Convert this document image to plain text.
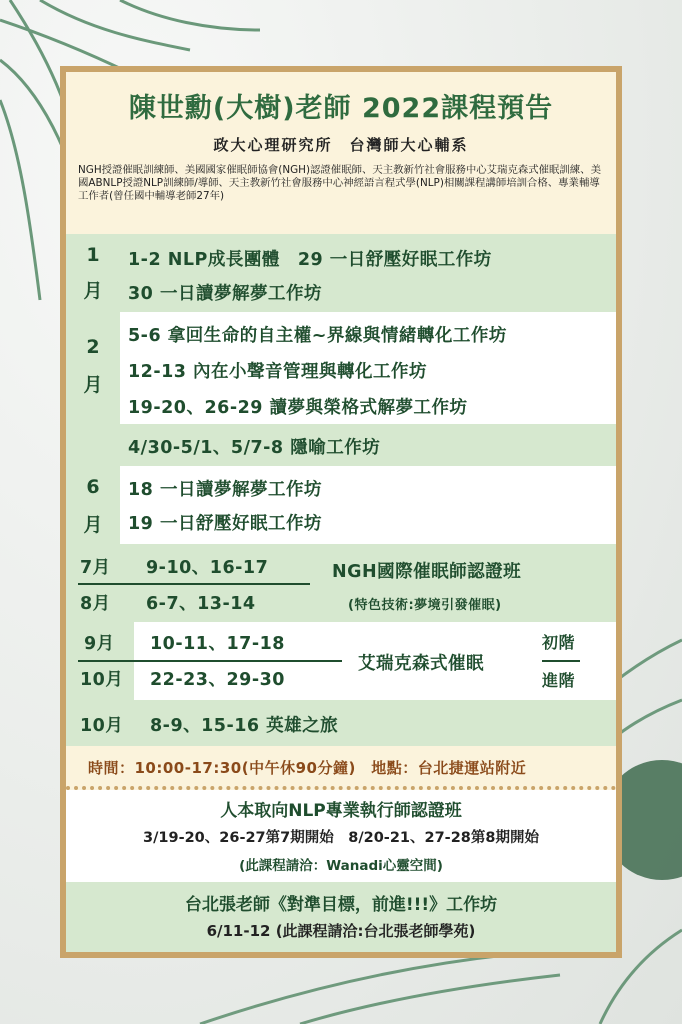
陳世勳(大樹)老師 2022課程預告
政大心理研究所　台灣師大心輔系
NGH授證催眠訓練師、美國國家催眠師協會(NGH)認證催眠師、天主教新竹社會服務中心艾瑞克森式催眠訓練、美國ABNLP授證NLP訓練師/導師、天主教新竹社會服務中心神經語言程式學(NLP)相關課程講師培訓合格、專業輔導工作者(曾任國中輔導老師27年)
1
月
1-2 NLP成長團體　29 一日舒壓好眠工作坊
30 一日讀夢解夢工作坊
2
月
5-6 拿回生命的自主權~界線與情緒轉化工作坊
12-13 內在小聲音管理與轉化工作坊
19-20、26-29 讀夢與榮格式解夢工作坊
4/30-5/1、5/7-8 隱喻工作坊
6
月
18 一日讀夢解夢工作坊
19 一日舒壓好眠工作坊
7月 9-10、16-17
8月 6-7、13-14
NGH國際催眠師認證班
(特色技術:夢境引發催眠)
9月 10-11、17-18
10月 22-23、29-30
艾瑞克森式催眠
初階
進階
10月 8-9、15-16 英雄之旅
時間：10:00-17:30(中午休90分鐘)　地點：台北捷運站附近
人本取向NLP專業執行師認證班
3/19-20、26-27第7期開始　8/20-21、27-28第8期開始
(此課程請洽：Wanadi心靈空間)
台北張老師《對準目標，前進!!!》工作坊
6/11-12 (此課程請洽:台北張老師學苑)
